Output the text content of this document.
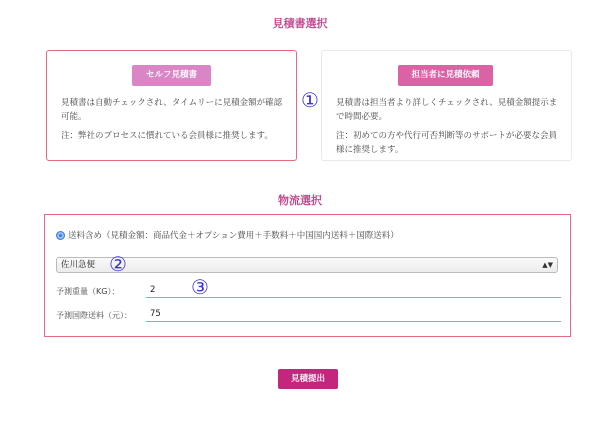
見積書選択
セルフ見積書
見積書は自動チェックされ、タイムリーに見積金額が確認可能。
注：弊社のプロセスに慣れている会員様に推奨します。
①
担当者に見積依頼
見積書は担当者より詳しくチェックされ、見積金額提示まで時間必要。
注：初めての方や代行可否判断等のサポートが必要な会員様に推奨します。
物流選択
送料含め（見積金額：商品代金＋オプション費用＋手数料＋中国国内送料＋国際送料）
佐川急便	▲▼
予測重量（KG）：	2
予測国際送料（元）：	75
②
③
見積提出
